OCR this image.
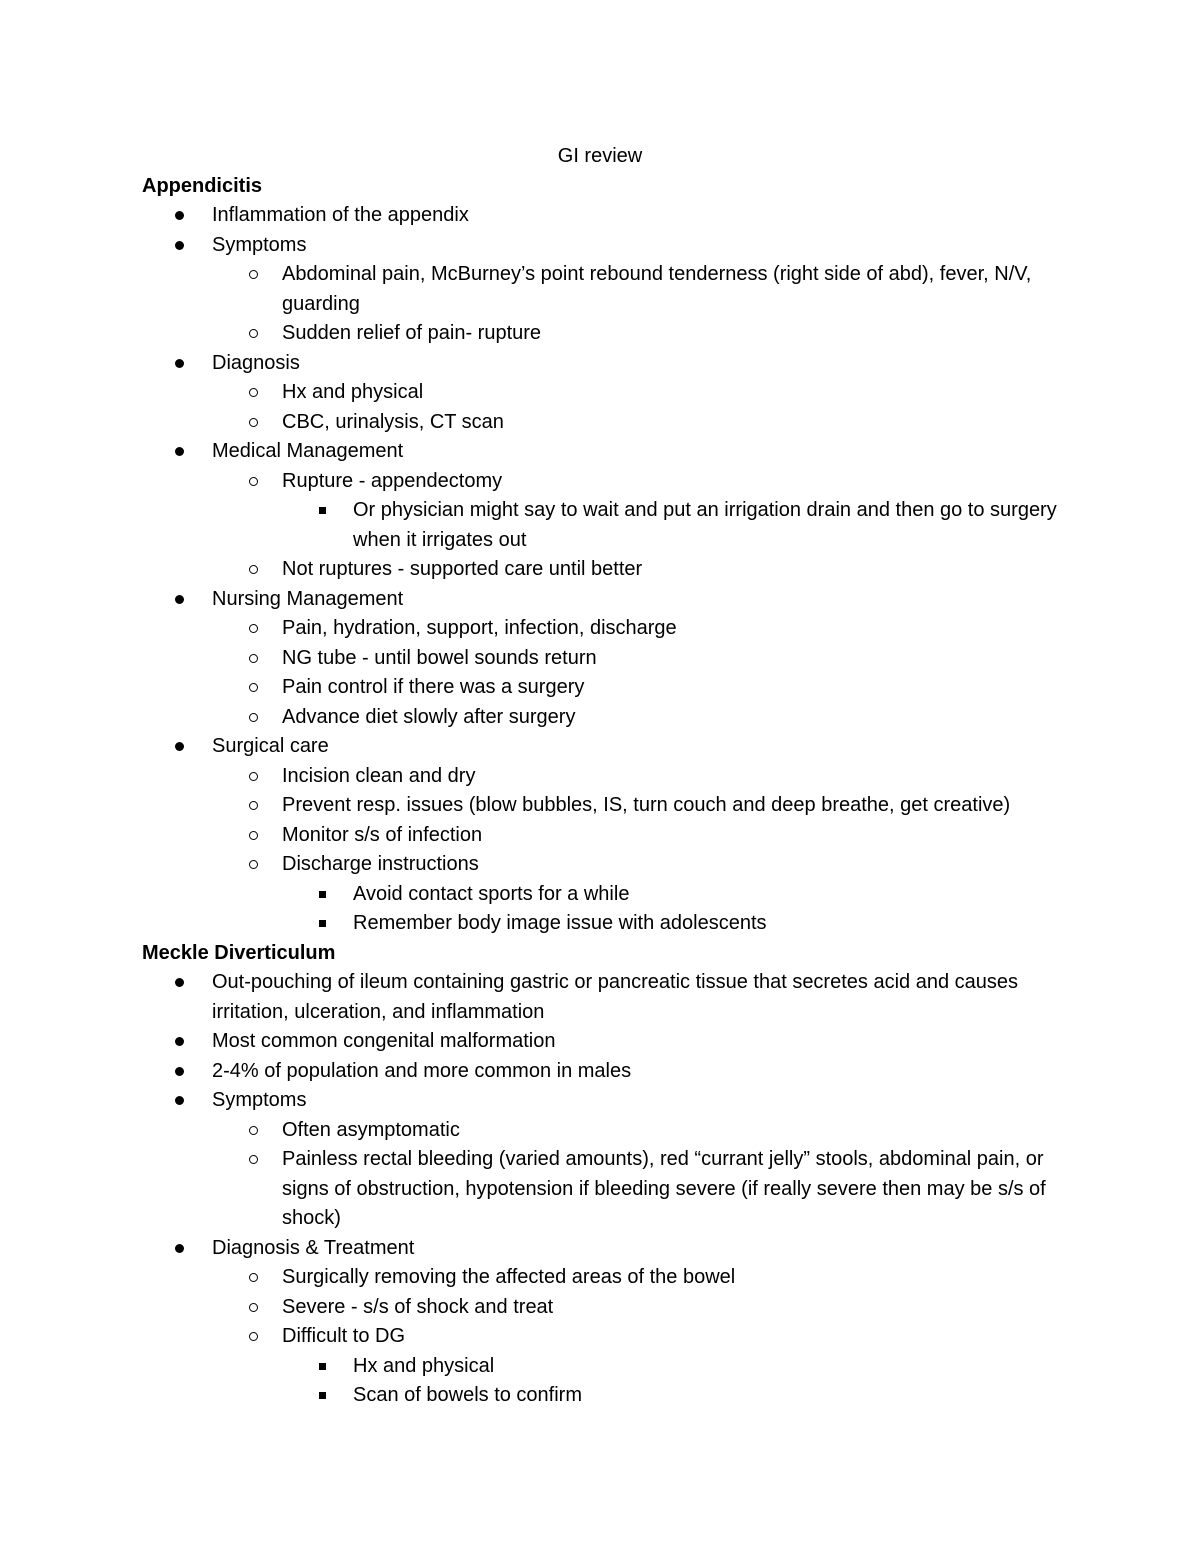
GI review
Appendicitis
Inflammation of the appendix
Symptoms
Abdominal pain, McBurney’s point rebound tenderness (right side of abd), fever, N/V, guarding
Sudden relief of pain- rupture
Diagnosis
Hx and physical
CBC, urinalysis, CT scan
Medical Management
Rupture - appendectomy
Or physician might say to wait and put an irrigation drain and then go to surgery when it irrigates out
Not ruptures - supported care until better
Nursing Management
Pain, hydration, support, infection, discharge
NG tube - until bowel sounds return
Pain control if there was a surgery
Advance diet slowly after surgery
Surgical care
Incision clean and dry
Prevent resp. issues (blow bubbles, IS, turn couch and deep breathe, get creative)
Monitor s/s of infection
Discharge instructions
Avoid contact sports for a while
Remember body image issue with adolescents
Meckle Diverticulum
Out-pouching of ileum containing gastric or pancreatic tissue that secretes acid and causes irritation, ulceration, and inflammation
Most common congenital malformation
2-4% of population and more common in males
Symptoms
Often asymptomatic
Painless rectal bleeding (varied amounts), red “currant jelly” stools, abdominal pain, or signs of obstruction, hypotension if bleeding severe (if really severe then may be s/s of shock)
Diagnosis & Treatment
Surgically removing the affected areas of the bowel
Severe - s/s of shock and treat
Difficult to DG
Hx and physical
Scan of bowels to confirm
